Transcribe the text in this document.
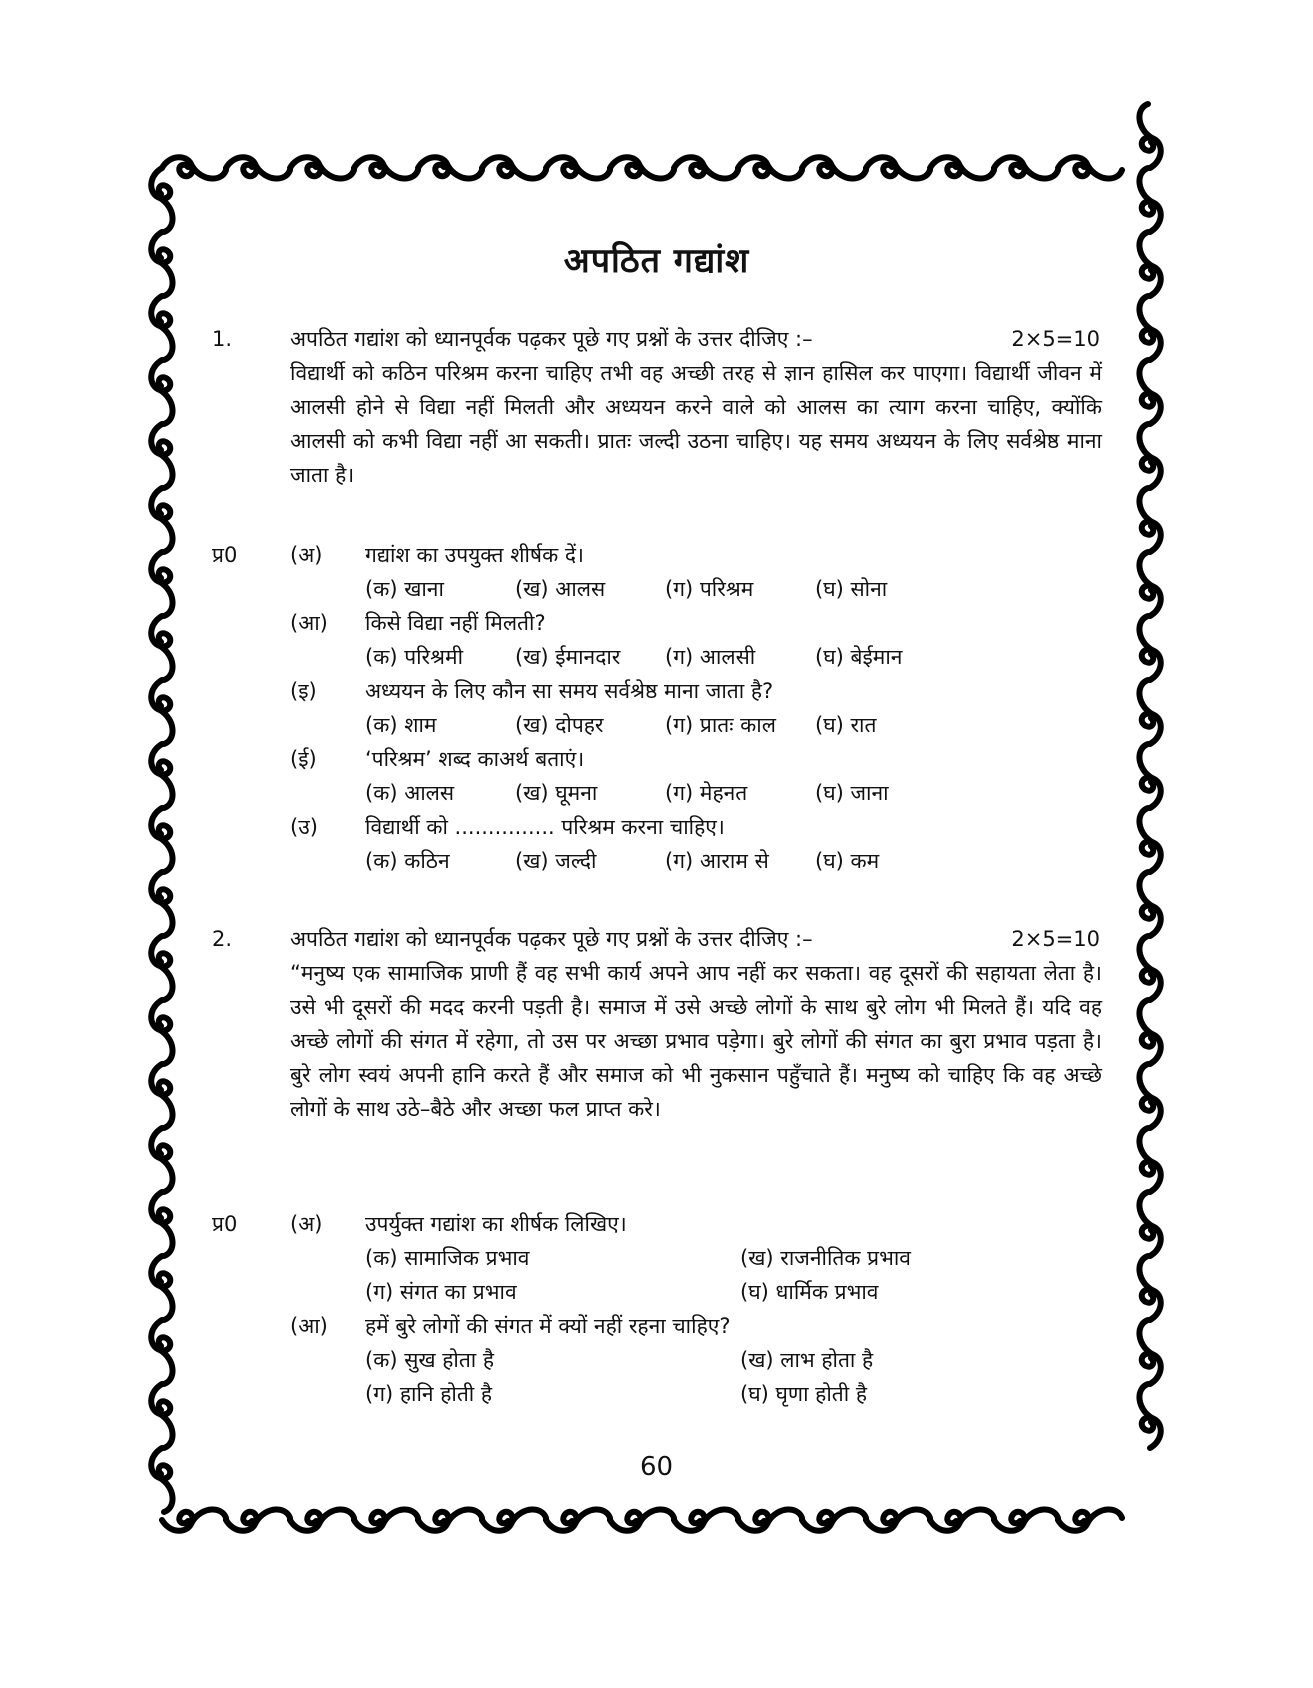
अपठित गद्यांश
1.	अपठित गद्यांश को ध्यानपूर्वक पढ़कर पूछे गए प्रश्नों के उत्तर दीजिए :–	2×5=10
विद्यार्थी को कठिन परिश्रम करना चाहिए तभी वह अच्छी तरह से ज्ञान हासिल कर पाएगा। विद्यार्थी जीवन में आलसी होने से विद्या नहीं मिलती और अध्ययन करने वाले को आलस का त्याग करना चाहिए, क्योंकि आलसी को कभी विद्या नहीं आ सकती। प्रातः जल्दी उठना चाहिए। यह समय अध्ययन के लिए सर्वश्रेष्ठ माना जाता है।
प्र0	(अ) गद्यांश का उपयुक्त शीर्षक दें।
(क) खाना	(ख) आलस	(ग) परिश्रम	(घ) सोना
(आ) किसे विद्या नहीं मिलती?
(क) परिश्रमी (ख) ईमानदार (ग) आलसी	(घ) बेईमान
(इ) अध्ययन के लिए कौन सा समय सर्वश्रेष्ठ माना जाता है?
(क) शाम	(ख) दोपहर	(ग) प्रातः काल (घ) रात
(ई) ‘परिश्रम’ शब्द काअर्थ बताएं।
(क) आलस	(ख) घूमना	(ग) मेहनत	(घ) जाना
(उ) विद्यार्थी को ............... परिश्रम करना चाहिए।
(क) कठिन	(ख) जल्दी	(ग) आराम से (घ) कम
2.	अपठित गद्यांश को ध्यानपूर्वक पढ़कर पूछे गए प्रश्नों के उत्तर दीजिए :–	2×5=10
“मनुष्य एक सामाजिक प्राणी हैं वह सभी कार्य अपने आप नहीं कर सकता। वह दूसरों की सहायता लेता है। उसे भी दूसरों की मदद करनी पड़ती है। समाज में उसे अच्छे लोगों के साथ बुरे लोग भी मिलते हैं। यदि वह अच्छे लोगों की संगत में रहेगा, तो उस पर अच्छा प्रभाव पड़ेगा। बुरे लोगों की संगत का बुरा प्रभाव पड़ता है। बुरे लोग स्वयं अपनी हानि करते हैं और समाज को भी नुकसान पहुँचाते हैं। मनुष्य को चाहिए कि वह अच्छे लोगों के साथ उठे–बैठे और अच्छा फल प्राप्त करे।
प्र0	(अ) उपर्युक्त गद्यांश का शीर्षक लिखिए।
(क) सामाजिक प्रभाव	(ख) राजनीतिक प्रभाव
(ग) संगत का प्रभाव	(घ) धार्मिक प्रभाव
(आ) हमें बुरे लोगों की संगत में क्यों नहीं रहना चाहिए?
(क) सुख होता है	(ख) लाभ होता है
(ग) हानि होती है	(घ) घृणा होती है
60
